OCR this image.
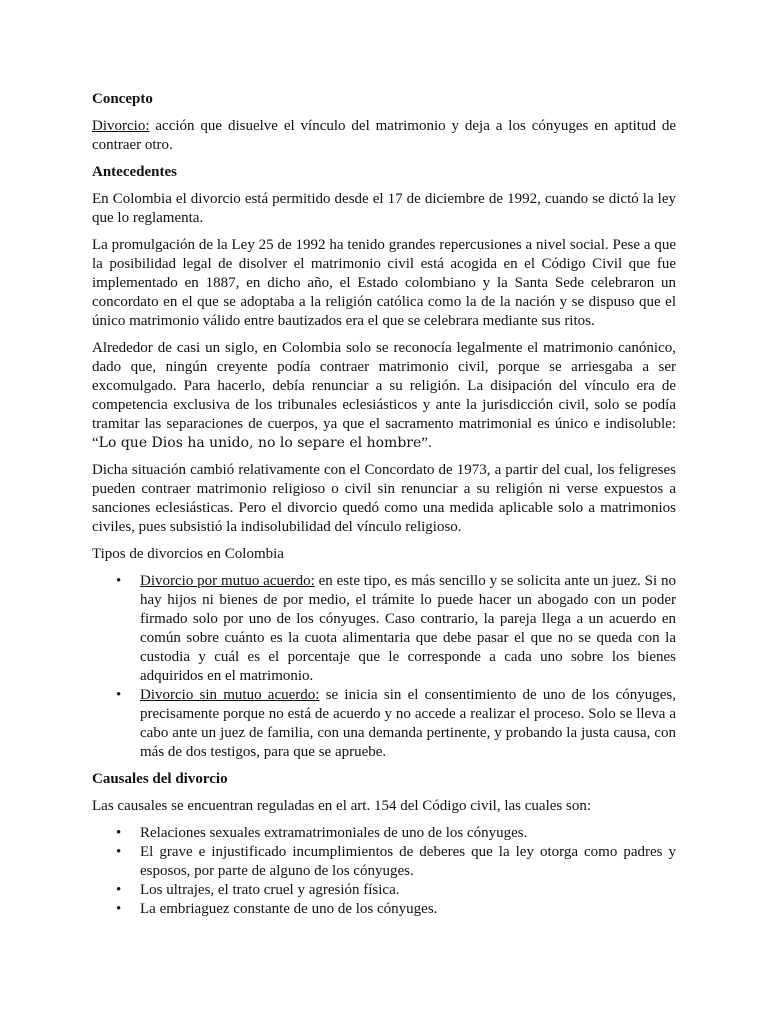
Concepto

Divorcio: acción que disuelve el vínculo del matrimonio y deja a los cónyuges en aptitud de contraer otro.

Antecedentes

En Colombia el divorcio está permitido desde el 17 de diciembre de 1992, cuando se dictó la ley que lo reglamenta.

La promulgación de la Ley 25 de 1992 ha tenido grandes repercusiones a nivel social. Pese a que la posibilidad legal de disolver el matrimonio civil está acogida en el Código Civil que fue implementado en 1887, en dicho año, el Estado colombiano y la Santa Sede celebraron un concordato en el que se adoptaba a la religión católica como la de la nación y se dispuso que el único matrimonio válido entre bautizados era el que se celebrara mediante sus ritos.

Alrededor de casi un siglo, en Colombia solo se reconocía legalmente el matrimonio canónico, dado que, ningún creyente podía contraer matrimonio civil, porque se arriesgaba a ser excomulgado. Para hacerlo, debía renunciar a su religión. La disipación del vínculo era de competencia exclusiva de los tribunales eclesiásticos y ante la jurisdicción civil, solo se podía tramitar las separaciones de cuerpos, ya que el sacramento matrimonial es único e indisoluble: “Lo que Dios ha unido, no lo separe el hombre”.

Dicha situación cambió relativamente con el Concordato de 1973, a partir del cual, los feligreses pueden contraer matrimonio religioso o civil sin renunciar a su religión ni verse expuestos a sanciones eclesiásticas. Pero el divorcio quedó como una medida aplicable solo a matrimonios civiles, pues subsistió la indisolubilidad del vínculo religioso.

Tipos de divorcios en Colombia

• Divorcio por mutuo acuerdo: en este tipo, es más sencillo y se solicita ante un juez. Si no hay hijos ni bienes de por medio, el trámite lo puede hacer un abogado con un poder firmado solo por uno de los cónyuges. Caso contrario, la pareja llega a un acuerdo en común sobre cuánto es la cuota alimentaria que debe pasar el que no se queda con la custodia y cuál es el porcentaje que le corresponde a cada uno sobre los bienes adquiridos en el matrimonio.
• Divorcio sin mutuo acuerdo: se inicia sin el consentimiento de uno de los cónyuges, precisamente porque no está de acuerdo y no accede a realizar el proceso. Solo se lleva a cabo ante un juez de familia, con una demanda pertinente, y probando la justa causa, con más de dos testigos, para que se apruebe.
Causales del divorcio

Las causales se encuentran reguladas en el art. 154 del Código civil, las cuales son:

• Relaciones sexuales extramatrimoniales de uno de los cónyuges.
• El grave e injustificado incumplimientos de deberes que la ley otorga como padres y esposos, por parte de alguno de los cónyuges.
• Los ultrajes, el trato cruel y agresión física.
• La embriaguez constante de uno de los cónyuges.
